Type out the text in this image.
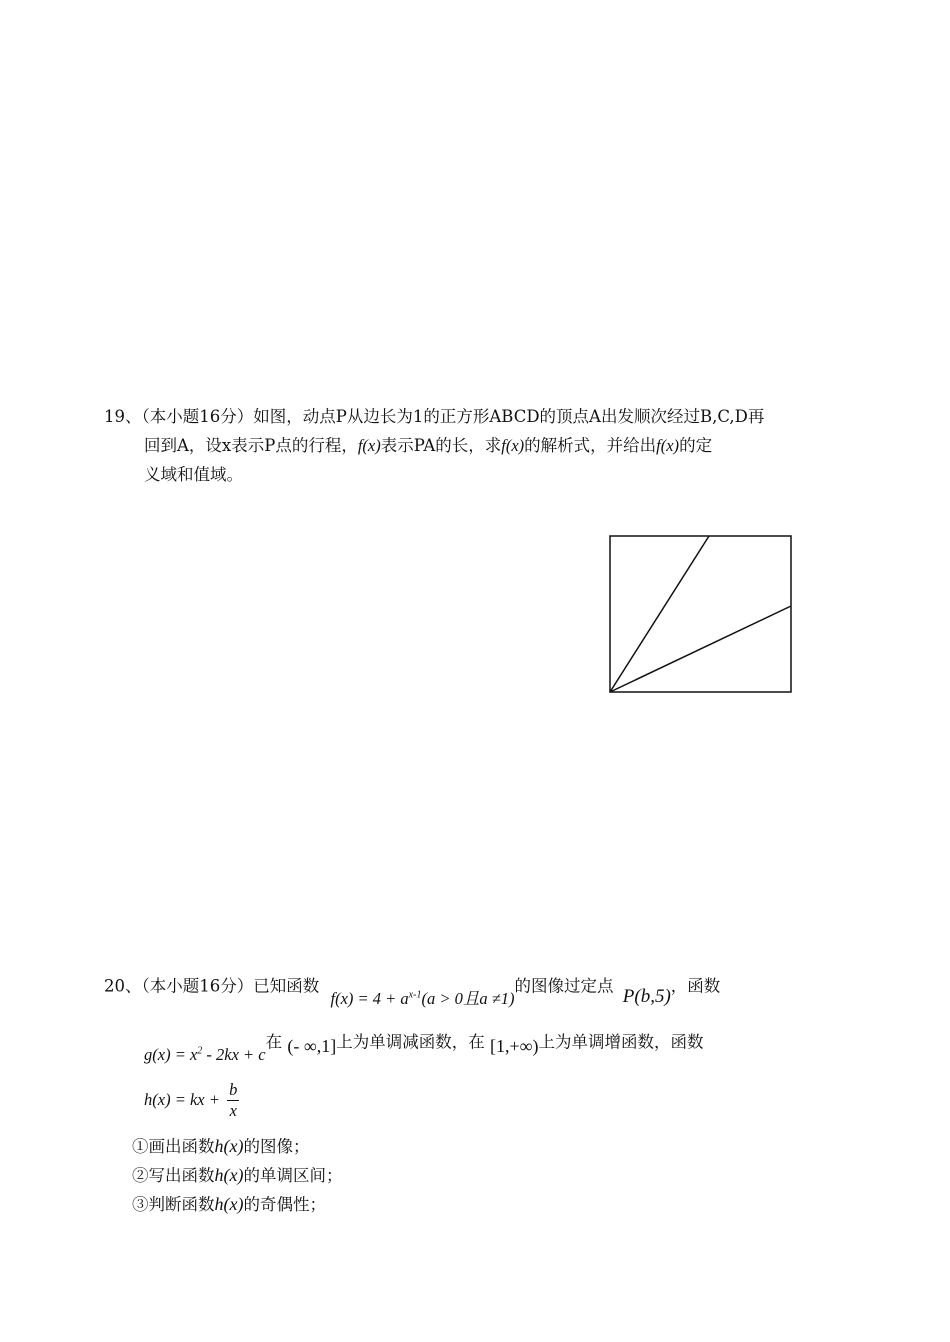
19、（本小题16分）如图，动点P从边长为1的正方形ABCD的顶点A出发顺次经过B,C,D再
回到A，设x表示P点的行程，f(x)表示PA的长，求f(x)的解析式，并给出f(x)的定
义域和值域。
20、（本小题16分）已知函数 $f(x) = 4 + a^{x-1}(a > 0$且a ≠1)的图像过定点 P(b,5)，函数
$g(x) = x^2 - 2kx + c$在 (- ∞,1]上为单调减函数，在 [1,+∞)上为单调增函数，函数
h(x) = kx + $\frac{b}{x}$
①画出函数h(x)的图像；
②写出函数h(x)的单调区间；
③判断函数h(x)的奇偶性；
